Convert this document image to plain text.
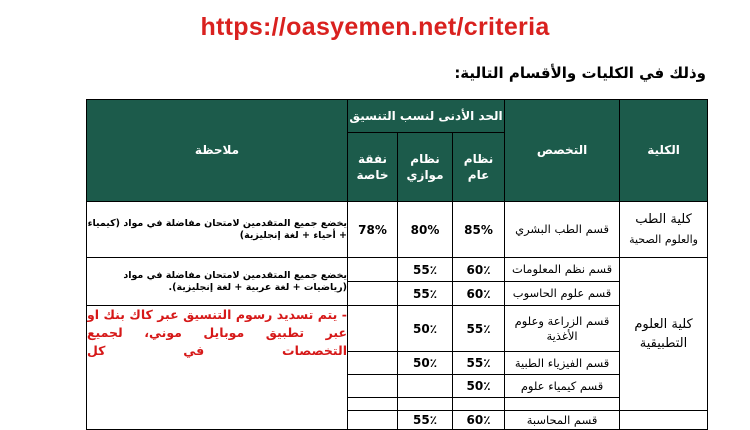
https://oasyemen.net/criteria
وذلك في الكليات والأقسام التالية:
الكلية	التخصص	الحد الأدنى لنسب التنسيق			ملاحظة
		نظام عام	نظام موازي	نفقة خاصة	
كلية الطب
والعلوم الصحية	قسم الطب البشري	85%	80%	78%	يخضع جميع المتقدمين لامتحان مفاضلة في مواد (كيمياء + أحياء + لغة إنجليزية)
كلية العلوم
التطبيقية	قسم نظم المعلومات	60٪	55٪		يخضع جميع المتقدمين لامتحان مفاضلة في مواد (رياضيات + لغة عربية + لغة إنجليزية).
	قسم علوم الحاسوب	60٪	55٪		
	قسم الزراعة وعلوم الأغذية	55٪	50٪		- يتم تسديد رسوم التنسيق عبر كاك بنك او عبر تطبيق موبايل موني، لجميع التخصصات في كل
	قسم الفيزياء الطبية	55٪	50٪		
	قسم كيمياء علوم	50٪			

	قسم المحاسبة	60٪	55٪		
